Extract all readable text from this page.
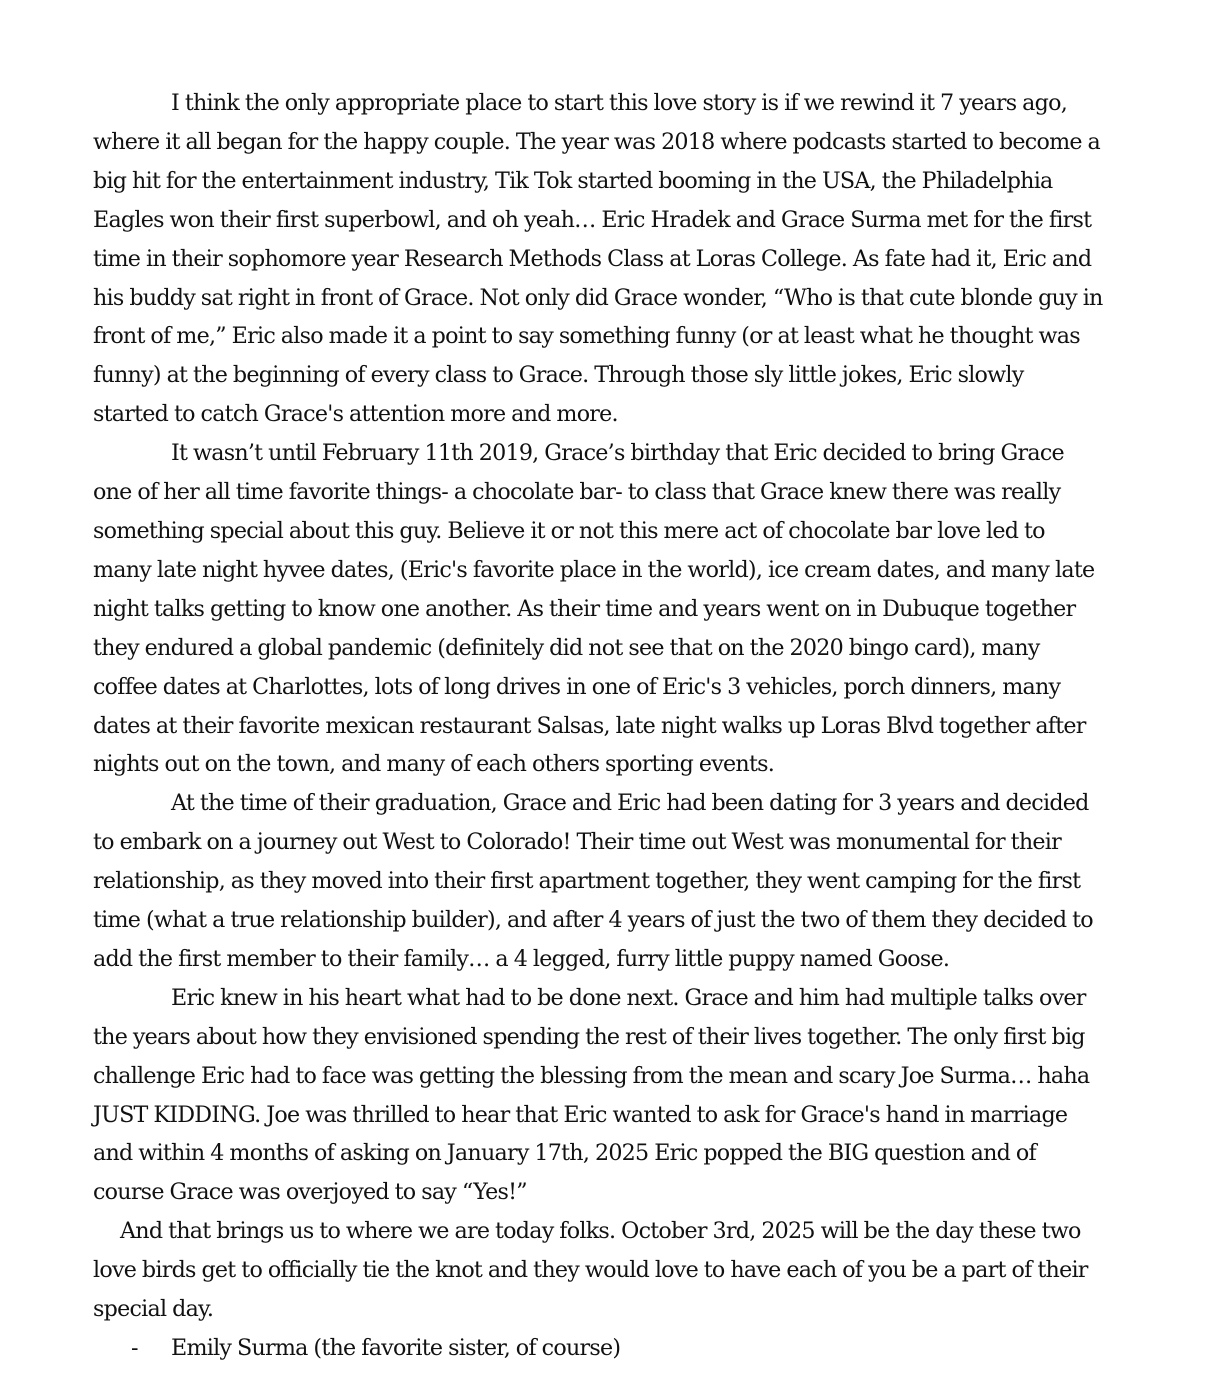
I think the only appropriate place to start this love story is if we rewind it 7 years ago, where it all began for the happy couple. The year was 2018 where podcasts started to become a big hit for the entertainment industry, Tik Tok started booming in the USA, the Philadelphia Eagles won their first superbowl, and oh yeah… Eric Hradek and Grace Surma met for the first time in their sophomore year Research Methods Class at Loras College. As fate had it, Eric and his buddy sat right in front of Grace. Not only did Grace wonder, “Who is that cute blonde guy in front of me,” Eric also made it a point to say something funny (or at least what he thought was funny) at the beginning of every class to Grace. Through those sly little jokes, Eric slowly started to catch Grace's attention more and more.

It wasn’t until February 11th 2019, Grace’s birthday that Eric decided to bring Grace one of her all time favorite things- a chocolate bar- to class that Grace knew there was really something special about this guy. Believe it or not this mere act of chocolate bar love led to many late night hyvee dates, (Eric's favorite place in the world), ice cream dates, and many late night talks getting to know one another. As their time and years went on in Dubuque together they endured a global pandemic (definitely did not see that on the 2020 bingo card), many coffee dates at Charlottes, lots of long drives in one of Eric's 3 vehicles, porch dinners, many dates at their favorite mexican restaurant Salsas, late night walks up Loras Blvd together after nights out on the town, and many of each others sporting events.

At the time of their graduation, Grace and Eric had been dating for 3 years and decided to embark on a journey out West to Colorado! Their time out West was monumental for their relationship, as they moved into their first apartment together, they went camping for the first time (what a true relationship builder), and after 4 years of just the two of them they decided to add the first member to their family… a 4 legged, furry little puppy named Goose.

Eric knew in his heart what had to be done next. Grace and him had multiple talks over the years about how they envisioned spending the rest of their lives together. The only first big challenge Eric had to face was getting the blessing from the mean and scary Joe Surma… haha JUST KIDDING. Joe was thrilled to hear that Eric wanted to ask for Grace's hand in marriage and within 4 months of asking on January 17th, 2025 Eric popped the BIG question and of course Grace was overjoyed to say “Yes!”

And that brings us to where we are today folks. October 3rd, 2025 will be the day these two love birds get to officially tie the knot and they would love to have each of you be a part of their special day.

- Emily Surma (the favorite sister, of course)
